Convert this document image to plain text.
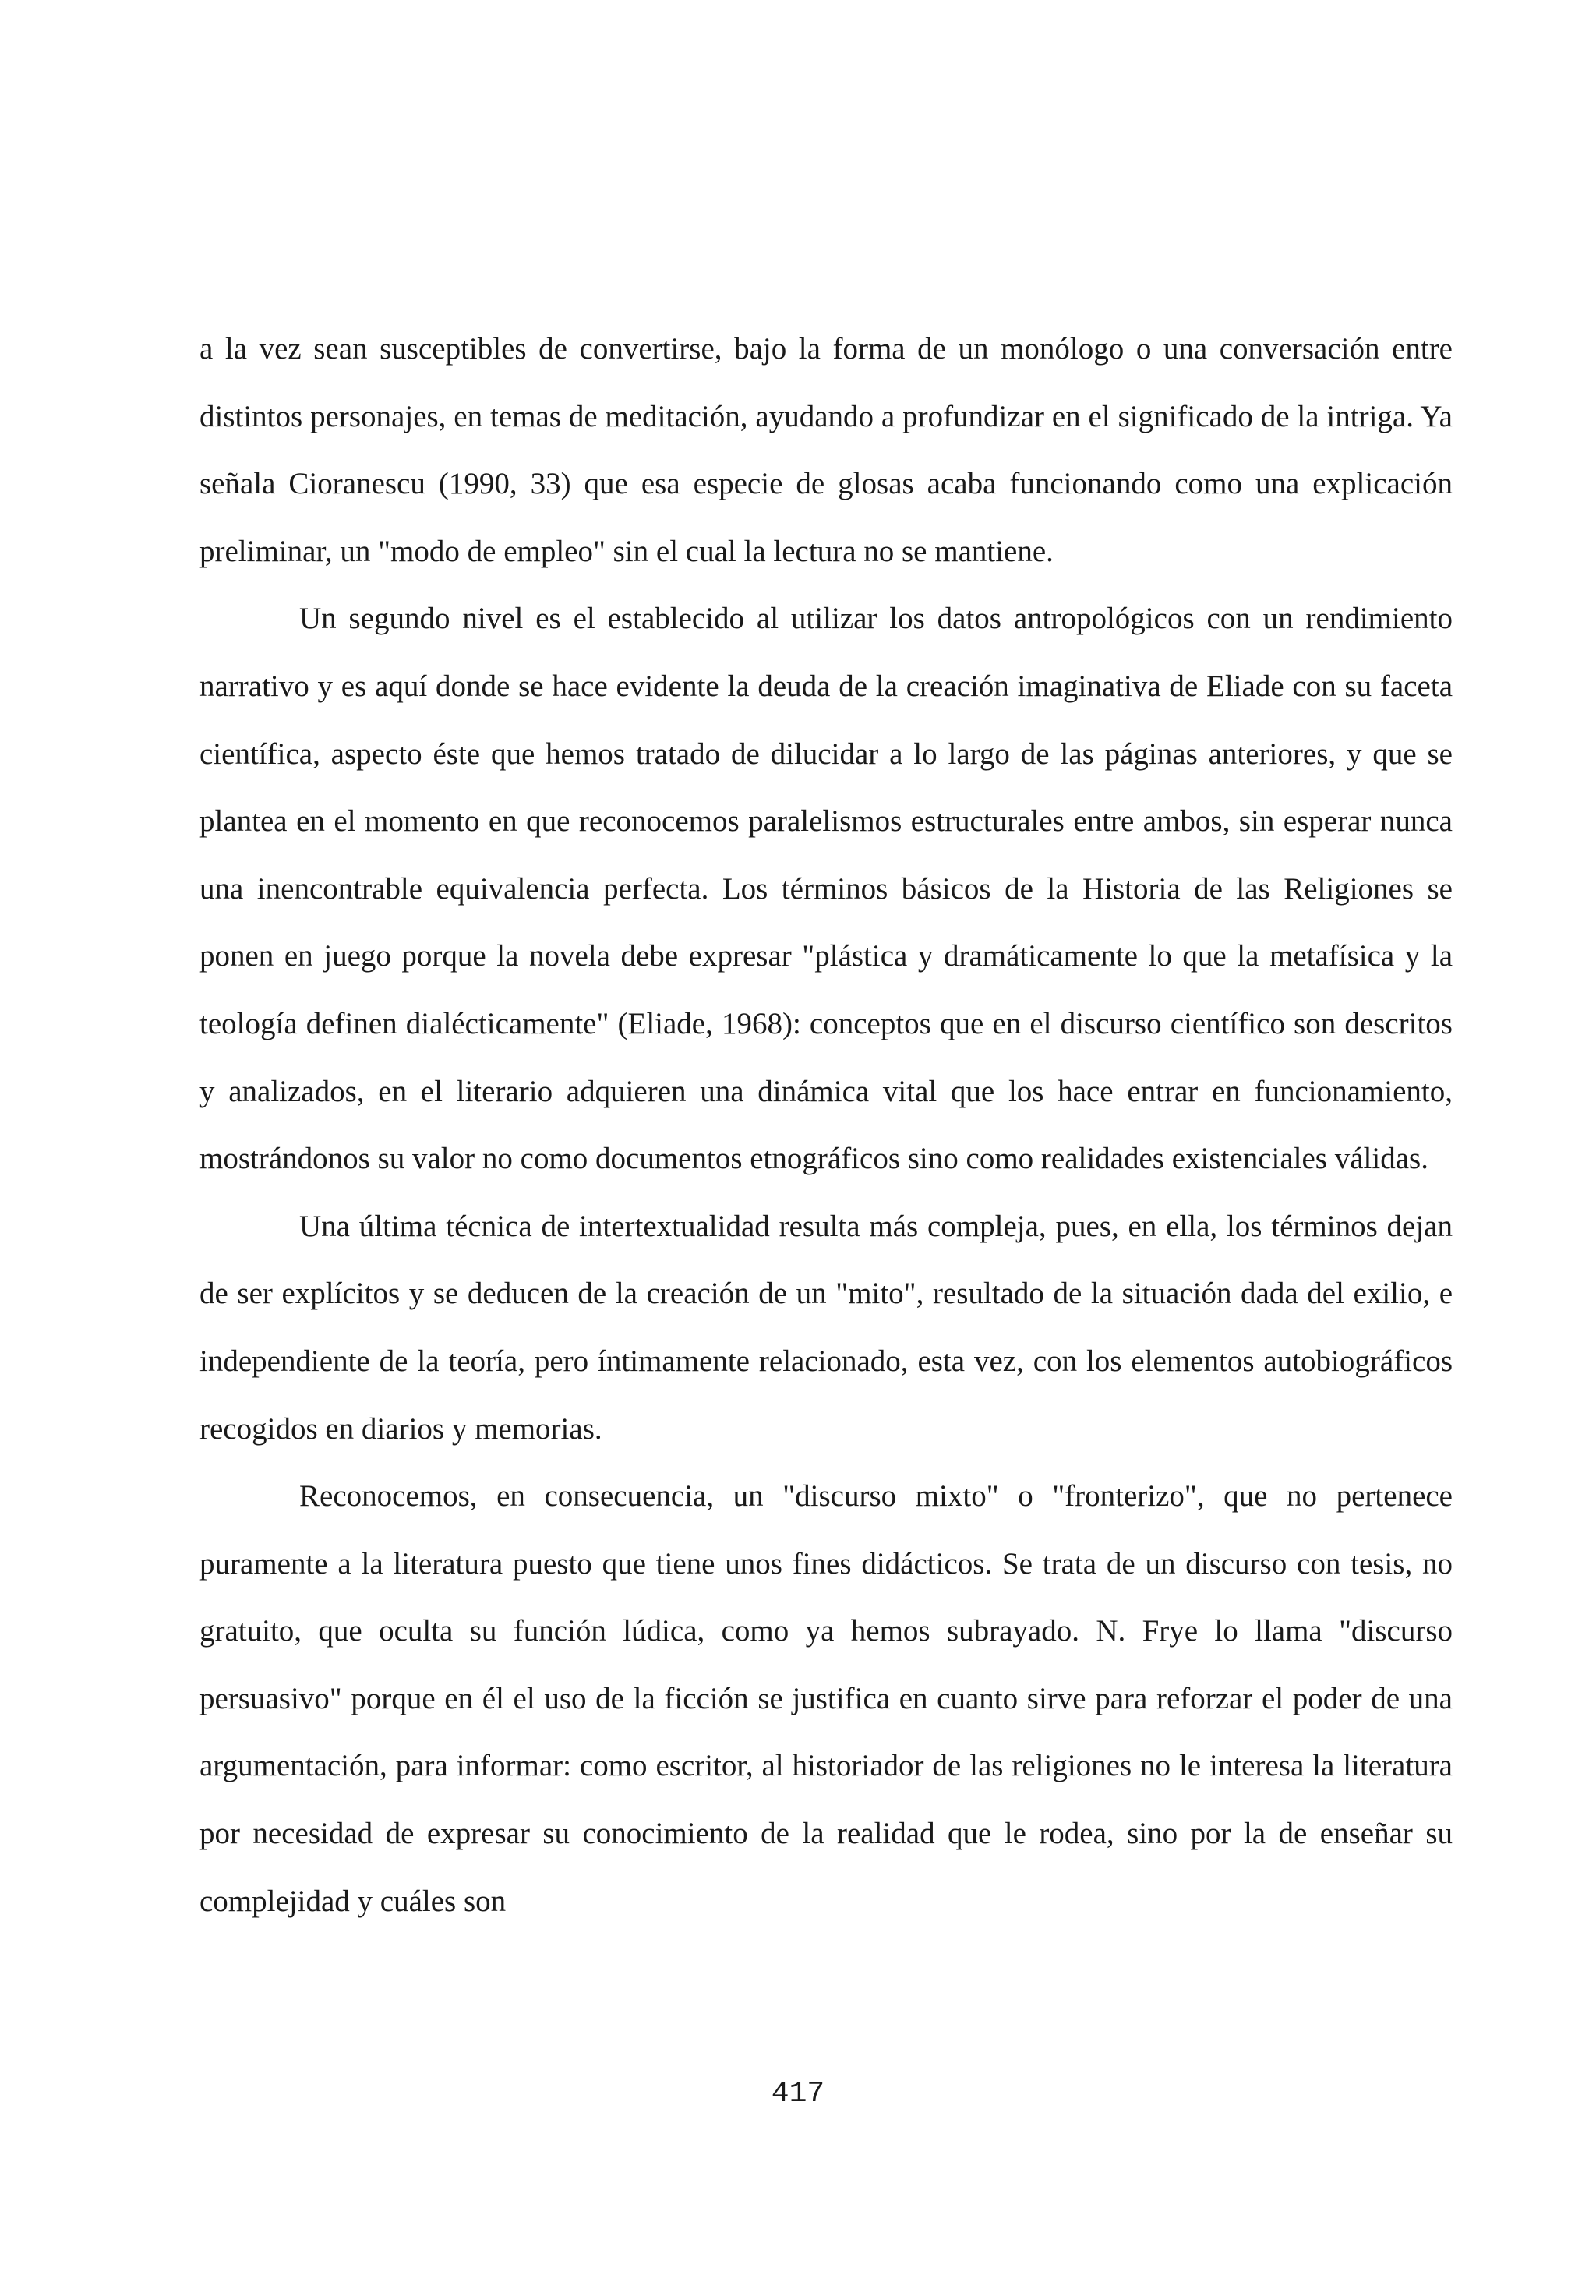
a la vez sean susceptibles de convertirse, bajo la forma de un monólogo o una conversación entre distintos personajes, en temas de meditación, ayudando a profundizar en el significado de la intriga. Ya señala Cioranescu (1990, 33) que esa especie de glosas acaba funcionando como una explicación preliminar, un "modo de empleo" sin el cual la lectura no se mantiene.

Un segundo nivel es el establecido al utilizar los datos antropológicos con un rendimiento narrativo y es aquí donde se hace evidente la deuda de la creación imaginativa de Eliade con su faceta científica, aspecto éste que hemos tratado de dilucidar a lo largo de las páginas anteriores, y que se plantea en el momento en que reconocemos paralelismos estructurales entre ambos, sin esperar nunca una inencontrable equivalencia perfecta. Los términos básicos de la Historia de las Religiones se ponen en juego porque la novela debe expresar "plástica y dramáticamente lo que la metafísica y la teología definen dialécticamente" (Eliade, 1968): conceptos que en el discurso científico son descritos y analizados, en el literario adquieren una dinámica vital que los hace entrar en funcionamiento, mostrándonos su valor no como documentos etnográficos sino como realidades existenciales válidas.

Una última técnica de intertextualidad resulta más compleja, pues, en ella, los términos dejan de ser explícitos y se deducen de la creación de un "mito", resultado de la situación dada del exilio, e independiente de la teoría, pero íntimamente relacionado, esta vez, con los elementos autobiográficos recogidos en diarios y memorias.

Reconocemos, en consecuencia, un "discurso mixto" o "fronterizo", que no pertenece puramente a la literatura puesto que tiene unos fines didácticos. Se trata de un discurso con tesis, no gratuito, que oculta su función lúdica, como ya hemos subrayado. N. Frye lo llama "discurso persuasivo" porque en él el uso de la ficción se justifica en cuanto sirve para reforzar el poder de una argumentación, para informar: como escritor, al historiador de las religiones no le interesa la literatura por necesidad de expresar su conocimiento de la realidad que le rodea, sino por la de enseñar su complejidad y cuáles son

417
